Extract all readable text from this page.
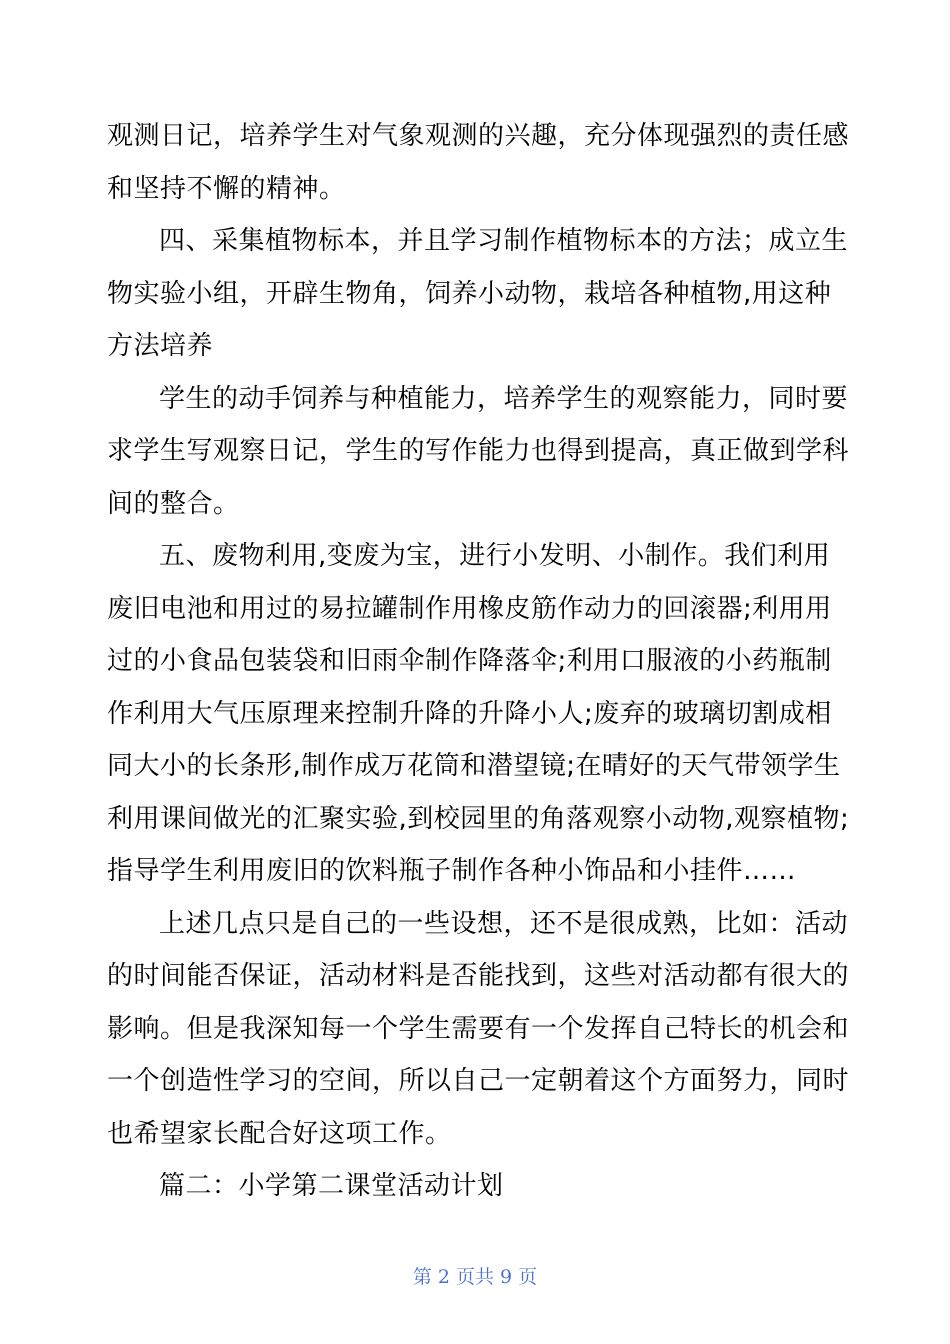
观测日记，培养学生对气象观测的兴趣，充分体现强烈的责任感
和坚持不懈的精神。
四、采集植物标本，并且学习制作植物标本的方法；成立生
物实验小组，开辟生物角，饲养小动物，栽培各种植物,用这种
方法培养
学生的动手饲养与种植能力，培养学生的观察能力，同时要
求学生写观察日记，学生的写作能力也得到提高，真正做到学科
间的整合。
五、废物利用,变废为宝，进行小发明、小制作。我们利用
废旧电池和用过的易拉罐制作用橡皮筋作动力的回滚器;利用用
过的小食品包装袋和旧雨伞制作降落伞;利用口服液的小药瓶制
作利用大气压原理来控制升降的升降小人;废弃的玻璃切割成相
同大小的长条形,制作成万花筒和潜望镜;在晴好的天气带领学生
利用课间做光的汇聚实验,到校园里的角落观察小动物,观察植物;
指导学生利用废旧的饮料瓶子制作各种小饰品和小挂件……
上述几点只是自己的一些设想，还不是很成熟，比如：活动
的时间能否保证，活动材料是否能找到，这些对活动都有很大的
影响。但是我深知每一个学生需要有一个发挥自己特长的机会和
一个创造性学习的空间，所以自己一定朝着这个方面努力，同时
也希望家长配合好这项工作。
篇二：小学第二课堂活动计划
第 2 页共 9 页
